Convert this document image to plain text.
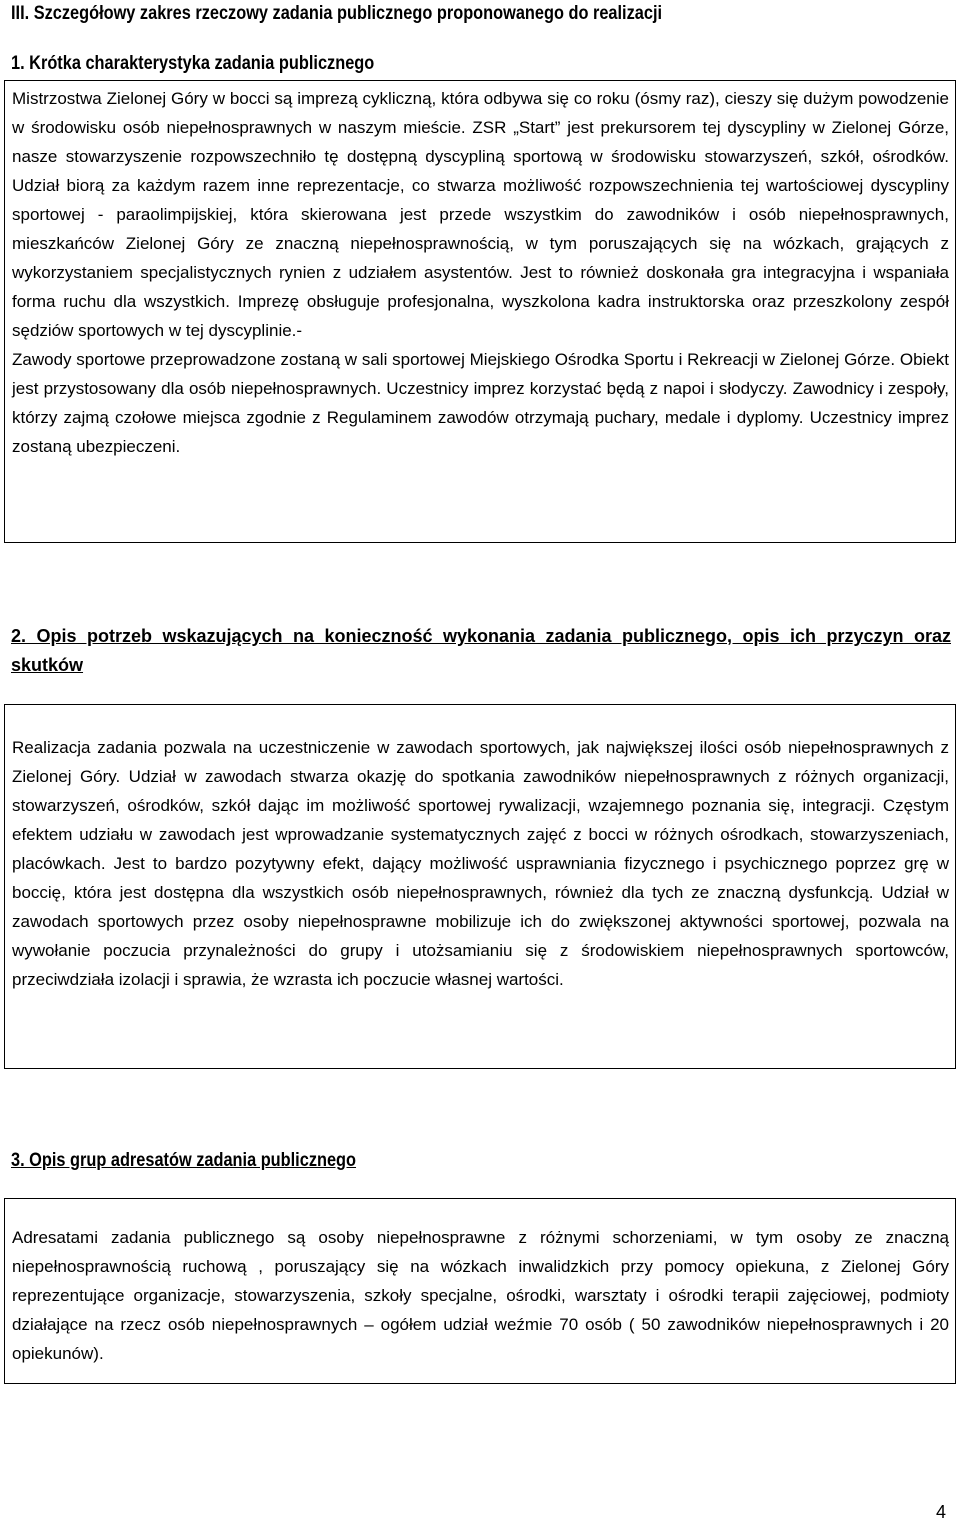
III. Szczegółowy zakres rzeczowy zadania publicznego proponowanego do realizacji
1. Krótka charakterystyka zadania publicznego

Mistrzostwa Zielonej Góry w bocci są imprezą cykliczną, która odbywa się co roku (ósmy raz), cieszy się dużym powodzenie w środowisku osób niepełnosprawnych w naszym mieście. ZSR „Start” jest prekursorem tej dyscypliny w Zielonej Górze, nasze stowarzyszenie rozpowszechniło tę dostępną dyscypliną sportową w środowisku stowarzyszeń, szkół, ośrodków. Udział biorą za każdym razem inne reprezentacje, co stwarza możliwość rozpowszechnienia tej wartościowej dyscypliny sportowej - paraolimpijskiej, która skierowana jest przede wszystkim do zawodników i osób niepełnosprawnych, mieszkańców Zielonej Góry ze znaczną niepełnosprawnością, w tym poruszających się na wózkach, grających z wykorzystaniem specjalistycznych rynien z udziałem asystentów. Jest to również doskonała gra integracyjna i wspaniała forma ruchu dla wszystkich. Imprezę obsługuje profesjonalna, wyszkolona kadra instruktorska oraz przeszkolony zespół sędziów sportowych w tej dyscyplinie.-

Zawody sportowe przeprowadzone zostaną w sali sportowej Miejskiego Ośrodka Sportu i Rekreacji w Zielonej Górze. Obiekt jest przystosowany dla osób niepełnosprawnych. Uczestnicy imprez korzystać będą z napoi i słodyczy. Zawodnicy i zespoły, którzy zajmą czołowe miejsca zgodnie z Regulaminem zawodów otrzymają puchary, medale i dyplomy. Uczestnicy imprez zostaną ubezpieczeni.

2. Opis potrzeb wskazujących na konieczność wykonania zadania publicznego, opis ich przyczyn oraz skutków

Realizacja zadania pozwala na uczestniczenie w zawodach sportowych, jak największej ilości osób niepełnosprawnych z Zielonej Góry. Udział w zawodach stwarza okazję do spotkania zawodników niepełnosprawnych z różnych organizacji, stowarzyszeń, ośrodków, szkół dając im możliwość sportowej rywalizacji, wzajemnego poznania się, integracji. Częstym efektem udziału w zawodach jest wprowadzanie systematycznych zajęć z bocci w różnych ośrodkach, stowarzyszeniach, placówkach. Jest to bardzo pozytywny efekt, dający możliwość usprawniania fizycznego i psychicznego poprzez grę w boccię, która jest dostępna dla wszystkich osób niepełnosprawnych, również dla tych ze znaczną dysfunkcją. Udział w zawodach sportowych przez osoby niepełnosprawne mobilizuje ich do zwiększonej aktywności sportowej, pozwala na wywołanie poczucia przynależności do grupy i utożsamianiu się z środowiskiem niepełnosprawnych sportowców, przeciwdziała izolacji i sprawia, że wzrasta ich poczucie własnej wartości.

3. Opis grup adresatów zadania publicznego

Adresatami zadania publicznego są osoby niepełnosprawne z różnymi schorzeniami, w tym osoby ze znaczną niepełnosprawnością ruchową , poruszający się na wózkach inwalidzkich przy pomocy opiekuna, z Zielonej Góry reprezentujące organizacje, stowarzyszenia, szkoły specjalne, ośrodki, warsztaty i ośrodki terapii zajęciowej, podmioty działające na rzecz osób niepełnosprawnych – ogółem udział weźmie 70 osób ( 50 zawodników niepełnosprawnych i 20 opiekunów).

4
